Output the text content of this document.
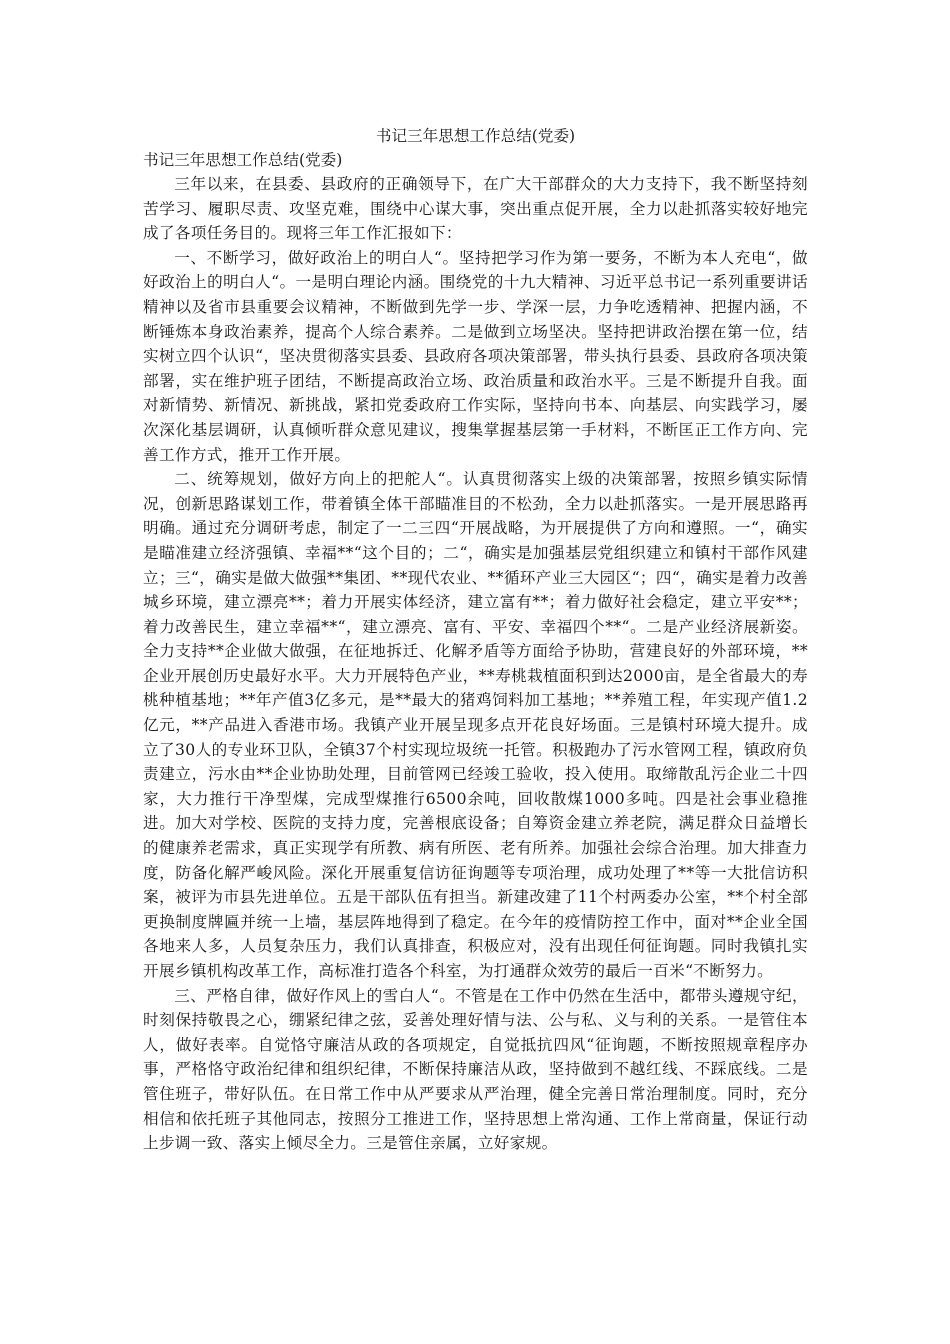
书记三年思想工作总结(党委)

书记三年思想工作总结(党委)

三年以来，在县委、县政府的正确领导下，在广大干部群众的大力支持下，我不断坚持刻苦学习、履职尽责、攻坚克难，围绕中心谋大事，突出重点促开展，全力以赴抓落实较好地完成了各项任务目的。现将三年工作汇报如下：

一、不断学习，做好政治上的明白人“。坚持把学习作为第一要务，不断为本人充电“，做好政治上的明白人“。一是明白理论内涵。围绕党的十九大精神、习近平总书记一系列重要讲话精神以及省市县重要会议精神，不断做到先学一步、学深一层，力争吃透精神、把握内涵，不断锤炼本身政治素养，提高个人综合素养。二是做到立场坚决。坚持把讲政治摆在第一位，结实树立四个认识“，坚决贯彻落实县委、县政府各项决策部署，带头执行县委、县政府各项决策部署，实在维护班子团结，不断提高政治立场、政治质量和政治水平。三是不断提升自我。面对新情势、新情况、新挑战，紧扣党委政府工作实际，坚持向书本、向基层、向实践学习，屡次深化基层调研，认真倾听群众意见建议，搜集掌握基层第一手材料，不断匡正工作方向、完善工作方式，推开工作开展。

二、统筹规划，做好方向上的把舵人“。认真贯彻落实上级的决策部署，按照乡镇实际情况，创新思路谋划工作，带着镇全体干部瞄准目的不松劲，全力以赴抓落实。一是开展思路再明确。通过充分调研考虑，制定了一二三四“开展战略，为开展提供了方向和遵照。一“，确实是瞄准建立经济强镇、幸福**“这个目的；二“，确实是加强基层党组织建立和镇村干部作风建立；三“，确实是做大做强**集团、**现代农业、**循环产业三大园区“；四“，确实是着力改善城乡环境，建立漂亮**；着力开展实体经济，建立富有**；着力做好社会稳定，建立平安**；着力改善民生，建立幸福**“，建立漂亮、富有、平安、幸福四个**“。二是产业经济展新姿。全力支持**企业做大做强，在征地拆迁、化解矛盾等方面给予协助，营建良好的外部环境，**企业开展创历史最好水平。大力开展特色产业，**寿桃栽植面积到达2000亩，是全省最大的寿桃种植基地；**年产值3亿多元，是**最大的猪鸡饲料加工基地；**养殖工程，年实现产值1.2亿元，**产品进入香港市场。我镇产业开展呈现多点开花良好场面。三是镇村环境大提升。成立了30人的专业环卫队，全镇37个村实现垃圾统一托管。积极跑办了污水管网工程，镇政府负责建立，污水由**企业协助处理，目前管网已经竣工验收，投入使用。取缔散乱污企业二十四家，大力推行干净型煤，完成型煤推行6500余吨，回收散煤1000多吨。四是社会事业稳推进。加大对学校、医院的支持力度，完善根底设备；自筹资金建立养老院，满足群众日益增长的健康养老需求，真正实现学有所教、病有所医、老有所养。加强社会综合治理。加大排查力度，防备化解严峻风险。深化开展重复信访征询题等专项治理，成功处理了**等一大批信访积案，被评为市县先进单位。五是干部队伍有担当。新建改建了11个村两委办公室，**个村全部更换制度牌匾并统一上墙，基层阵地得到了稳定。在今年的疫情防控工作中，面对**企业全国各地来人多，人员复杂压力，我们认真排查，积极应对，没有出现任何征询题。同时我镇扎实开展乡镇机构改革工作，高标准打造各个科室，为打通群众效劳的最后一百米“不断努力。

三、严格自律，做好作风上的雪白人“。不管是在工作中仍然在生活中，都带头遵规守纪，时刻保持敬畏之心，绷紧纪律之弦，妥善处理好情与法、公与私、义与利的关系。一是管住本人，做好表率。自觉恪守廉洁从政的各项规定，自觉抵抗四风“征询题，不断按照规章程序办事，严格恪守政治纪律和组织纪律，不断保持廉洁从政，坚持做到不越红线、不踩底线。二是管住班子，带好队伍。在日常工作中从严要求从严治理，健全完善日常治理制度。同时，充分相信和依托班子其他同志，按照分工推进工作，坚持思想上常沟通、工作上常商量，保证行动上步调一致、落实上倾尽全力。三是管住亲属，立好家规。
